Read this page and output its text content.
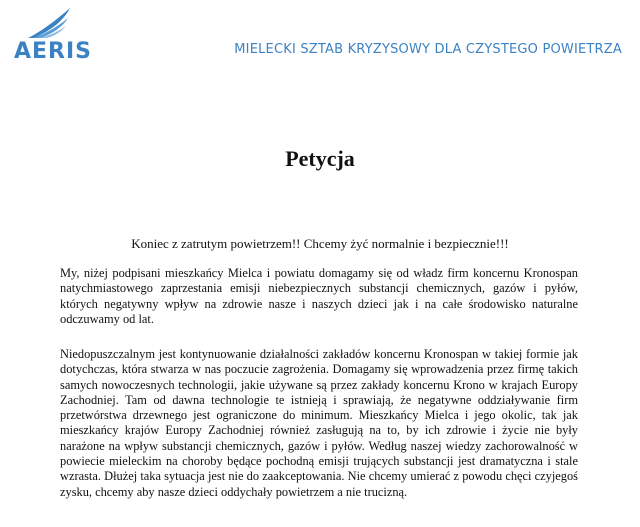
AERIS	MIELECKI SZTAB KRYZYSOWY DLA CZYSTEGO POWIETRZA
Petycja
Koniec z zatrutym powietrzem!! Chcemy żyć normalnie i bezpiecznie!!!
My, niżej podpisani mieszkańcy Mielca i powiatu domagamy się od władz firm koncernu Kronospan natychmiastowego zaprzestania emisji niebezpiecznych substancji chemicznych, gazów i pyłów, których negatywny wpływ na zdrowie nasze i naszych dzieci jak i na całe środowisko naturalne odczuwamy od lat.
Niedopuszczalnym jest kontynuowanie działalności zakładów koncernu Kronospan w takiej formie jak dotychczas, która stwarza w nas poczucie zagrożenia. Domagamy się wprowadzenia przez firmę takich samych nowoczesnych technologii, jakie używane są przez zakłady koncernu Krono w krajach Europy Zachodniej. Tam od dawna technologie te istnieją i sprawiają, że negatywne oddziaływanie firm przetwórstwa drzewnego jest ograniczone do minimum. Mieszkańcy Mielca i jego okolic, tak jak mieszkańcy krajów Europy Zachodniej również zasługują na to, by ich zdrowie i życie nie były narażone na wpływ substancji chemicznych, gazów i pyłów. Według naszej wiedzy zachorowalność w powiecie mieleckim na choroby będące pochodną emisji trujących substancji jest dramatyczna i stale wzrasta. Dłużej taka sytuacja jest nie do zaakceptowania. Nie chcemy umierać z powodu chęci czyjegoś zysku, chcemy aby nasze dzieci oddychały powietrzem a nie trucizną.
